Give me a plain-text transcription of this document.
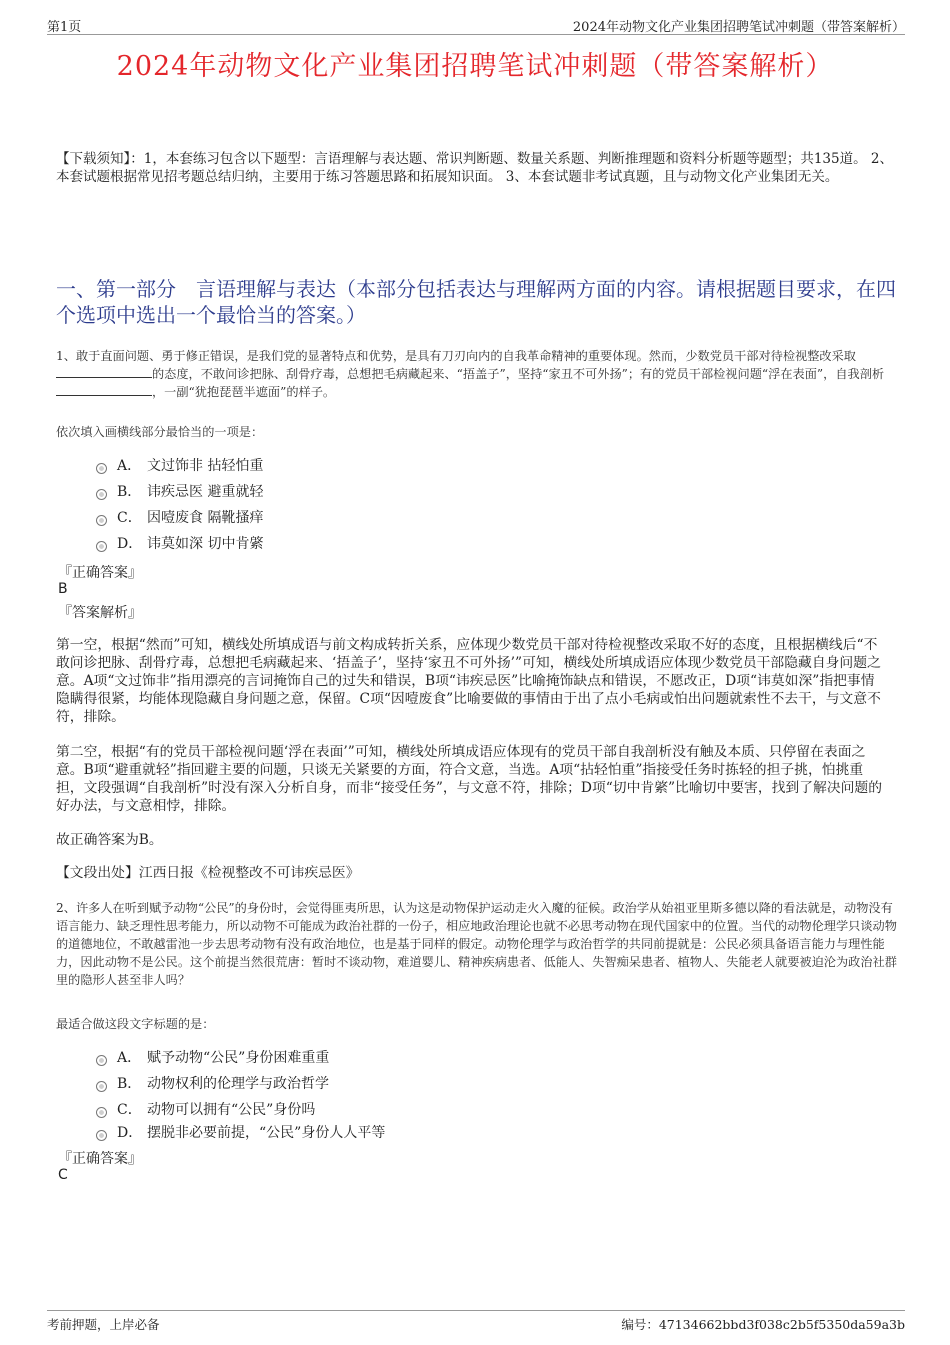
第1页	2024年动物文化产业集团招聘笔试冲刺题（带答案解析）
2024年动物文化产业集团招聘笔试冲刺题（带答案解析）
【下载须知】：1，本套练习包含以下题型：言语理解与表达题、常识判断题、数量关系题、判断推理题和资料分析题等题型；共135道。 2、本套试题根据常见招考题总结归纳，主要用于练习答题思路和拓展知识面。 3、本套试题非考试真题，且与动物文化产业集团无关。
一、第一部分　言语理解与表达（本部分包括表达与理解两方面的内容。请根据题目要求，在四个选项中选出一个最恰当的答案。）
1、敢于直面问题、勇于修正错误，是我们党的显著特点和优势，是具有刀刃向内的自我革命精神的重要体现。然而，少数党员干部对待检视整改采取的态度，不敢问诊把脉、刮骨疗毒，总想把毛病藏起来、“捂盖子”，坚持“家丑不可外扬”；有的党员干部检视问题“浮在表面”，自我剖析，一副“犹抱琵琶半遮面”的样子。
依次填入画横线部分最恰当的一项是：
A． 文过饰非 拈轻怕重
B． 讳疾忌医 避重就轻
C． 因噎废食 隔靴搔痒
D． 讳莫如深 切中肯綮
『正确答案』
B
『答案解析』
第一空，根据“然而”可知，横线处所填成语与前文构成转折关系，应体现少数党员干部对待检视整改采取不好的态度，且根据横线后“不敢问诊把脉、刮骨疗毒，总想把毛病藏起来、‘捂盖子’，坚持‘家丑不可外扬’”可知，横线处所填成语应体现少数党员干部隐藏自身问题之意。A项“文过饰非”指用漂亮的言词掩饰自己的过失和错误，B项“讳疾忌医”比喻掩饰缺点和错误，不愿改正，D项“讳莫如深”指把事情隐瞒得很紧，均能体现隐藏自身问题之意，保留。C项“因噎废食”比喻要做的事情由于出了点小毛病或怕出问题就索性不去干，与文意不符，排除。
第二空，根据“有的党员干部检视问题‘浮在表面’”可知，横线处所填成语应体现有的党员干部自我剖析没有触及本质、只停留在表面之意。B项“避重就轻”指回避主要的问题，只谈无关紧要的方面，符合文意，当选。A项“拈轻怕重”指接受任务时拣轻的担子挑，怕挑重担，文段强调“自我剖析”时没有深入分析自身，而非“接受任务”，与文意不符，排除；D项“切中肯綮”比喻切中要害，找到了解决问题的好办法，与文意相悖，排除。
故正确答案为B。
【文段出处】江西日报《检视整改不可讳疾忌医》
2、许多人在听到赋予动物“公民”的身份时，会觉得匪夷所思，认为这是动物保护运动走火入魔的征候。政治学从始祖亚里斯多德以降的看法就是，动物没有语言能力、缺乏理性思考能力，所以动物不可能成为政治社群的一份子，相应地政治理论也就不必思考动物在现代国家中的位置。当代的动物伦理学只谈动物的道德地位，不敢越雷池一步去思考动物有没有政治地位，也是基于同样的假定。动物伦理学与政治哲学的共同前提就是：公民必须具备语言能力与理性能力，因此动物不是公民。这个前提当然很荒唐：暂时不谈动物，难道婴儿、精神疾病患者、低能人、失智痴呆患者、植物人、失能老人就要被迫沦为政治社群里的隐形人甚至非人吗？
最适合做这段文字标题的是：
A． 赋予动物“公民”身份困难重重
B． 动物权利的伦理学与政治哲学
C． 动物可以拥有“公民”身份吗
D． 摆脱非必要前提，“公民”身份人人平等
『正确答案』
C
考前押题，上岸必备	编号：47134662bbd3f038c2b5f5350da59a3b
